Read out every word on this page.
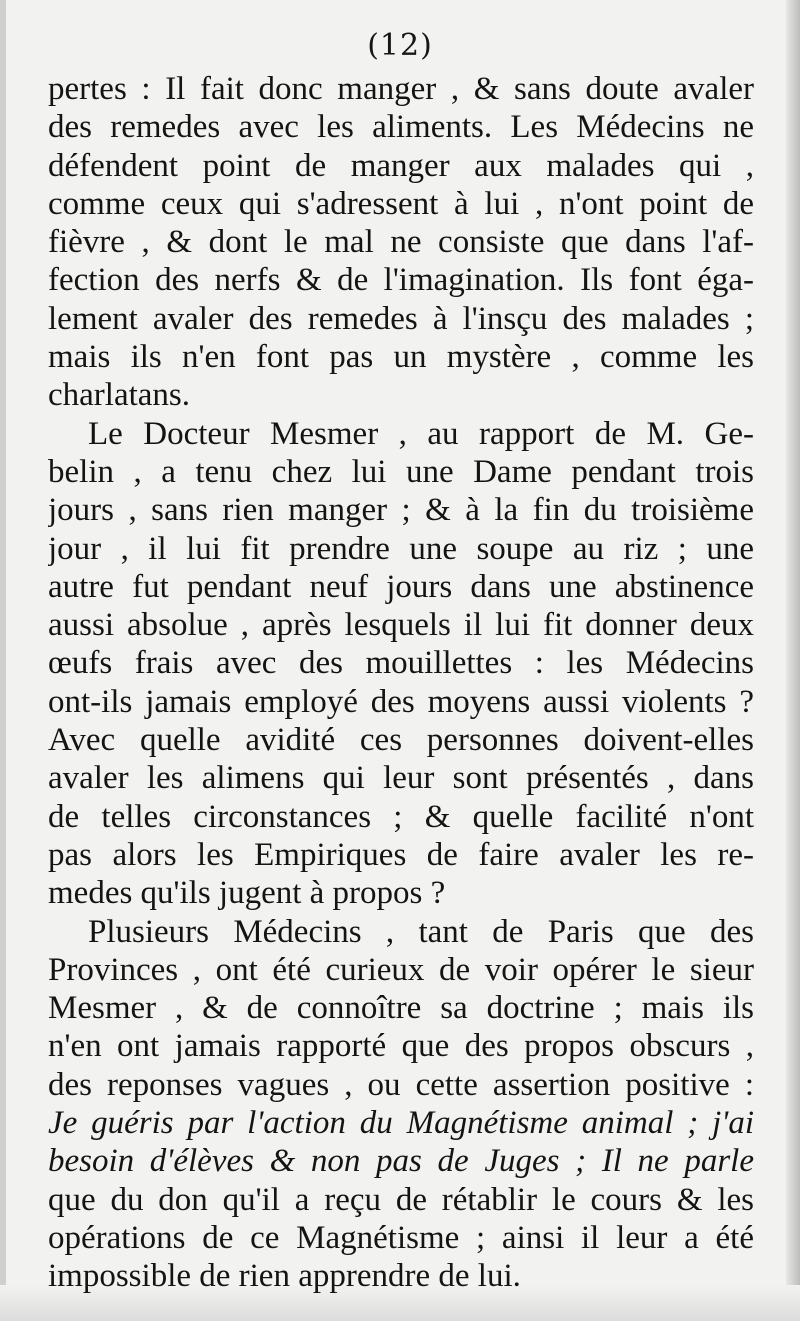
(12)
pertes : Il fait donc manger , & sans doute avaler
des remedes avec les aliments. Les Médecins ne
défendent point de manger aux malades qui ,
comme ceux qui s'adressent à lui , n'ont point de
fièvre , & dont le mal ne consiste que dans l'af-
fection des nerfs & de l'imagination. Ils font éga-
lement avaler des remedes à l'insçu des malades ;
mais ils n'en font pas un mystère , comme les
charlatans.
Le Docteur Mesmer , au rapport de M. Ge-
belin , a tenu chez lui une Dame pendant trois
jours , sans rien manger ; & à la fin du troisième
jour , il lui fit prendre une soupe au riz ; une
autre fut pendant neuf jours dans une abstinence
aussi absolue , après lesquels il lui fit donner deux
œufs frais avec des mouillettes : les Médecins
ont-ils jamais employé des moyens aussi violents ?
Avec quelle avidité ces personnes doivent-elles
avaler les alimens qui leur sont présentés , dans
de telles circonstances ; & quelle facilité n'ont
pas alors les Empiriques de faire avaler les re-
medes qu'ils jugent à propos ?
Plusieurs Médecins , tant de Paris que des
Provinces , ont été curieux de voir opérer le sieur
Mesmer , & de connoître sa doctrine ; mais ils
n'en ont jamais rapporté que des propos obscurs ,
des reponses vagues , ou cette assertion positive :
Je guéris par l'action du Magnétisme animal ; j'ai
besoin d'élèves & non pas de Juges ; Il ne parle
que du don qu'il a reçu de rétablir le cours & les
opérations de ce Magnétisme ; ainsi il leur a été
impossible de rien apprendre de lui.
